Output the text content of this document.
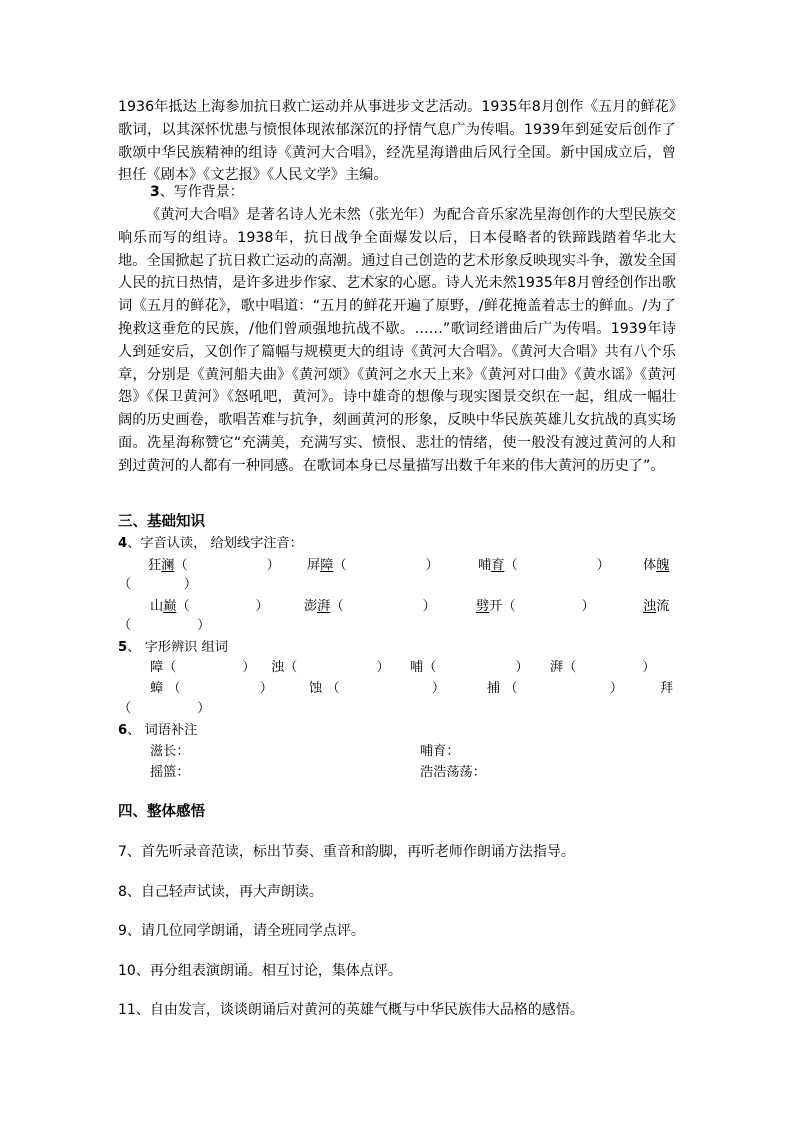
1936年抵达上海参加抗日救亡运动并从事进步文艺活动。1935年8月创作《五月的鲜花》歌词，以其深怀忧患与愤恨体现浓郁深沉的抒情气息广为传唱。1939年到延安后创作了歌颂中华民族精神的组诗《黄河大合唱》，经冼星海谱曲后风行全国。新中国成立后，曾担任《剧本》《文艺报》《人民文学》主编。
3、写作背景：
《黄河大合唱》是著名诗人光未然（张光年）为配合音乐家冼星海创作的大型民族交响乐而写的组诗。1938年，抗日战争全面爆发以后，日本侵略者的铁蹄践踏着华北大地。全国掀起了抗日救亡运动的高潮。通过自己创造的艺术形象反映现实斗争，激发全国人民的抗日热情，是许多进步作家、艺术家的心愿。诗人光未然1935年8月曾经创作出歌词《五月的鲜花》，歌中唱道：“五月的鲜花开遍了原野，/鲜花掩盖着志士的鲜血。/为了挽救这垂危的民族，/他们曾顽强地抗战不歇。……”歌词经谱曲后广为传唱。1939年诗人到延安后，又创作了篇幅与规模更大的组诗《黄河大合唱》。《黄河大合唱》共有八个乐章，分别是《黄河船夫曲》《黄河颂》《黄河之水天上来》《黄河对口曲》《黄水谣》《黄河怨》《保卫黄河》《怒吼吧，黄河》。诗中雄奇的想像与现实图景交织在一起，组成一幅壮阔的历史画卷，歌唱苦难与抗争，刻画黄河的形象，反映中华民族英雄儿女抗战的真实场面。冼星海称赞它“充满美，充满写实、愤恨、悲壮的情绪，使一般没有渡过黄河的人和到过黄河的人都有一种同感。在歌词本身已尽量描写出数千年来的伟大黄河的历史了”。
三、基础知识
4、字音认读， 给划线字注音：
狂澜（　　　　　　） 屏障（　　　　　　）	哺育（　　　　　　）	体魄
（　　　　）
山巅（　　　　　）	澎湃（　　　　　　）	劈开（　　　　　）	浊流
（　　　　　）
5、 字形辨识 组词
障（　　　　　） 浊（　　　　　　） 哺（　　　　　　） 湃（　　　　　）
蟑 （　　　　　　）	蚀 （　　　　　　　）	捕 （　　　　　　　）	拜
（　　　　　）
6、 词语补注
滋长：	哺育：
摇篮：	浩浩荡荡：
四、整体感悟
7、首先听录音范读，标出节奏、重音和韵脚，再听老师作朗诵方法指导。
8、自己轻声试读，再大声朗读。
9、请几位同学朗诵，请全班同学点评。
10、再分组表演朗诵。相互讨论，集体点评。
11、自由发言，谈谈朗诵后对黄河的英雄气概与中华民族伟大品格的感悟。
